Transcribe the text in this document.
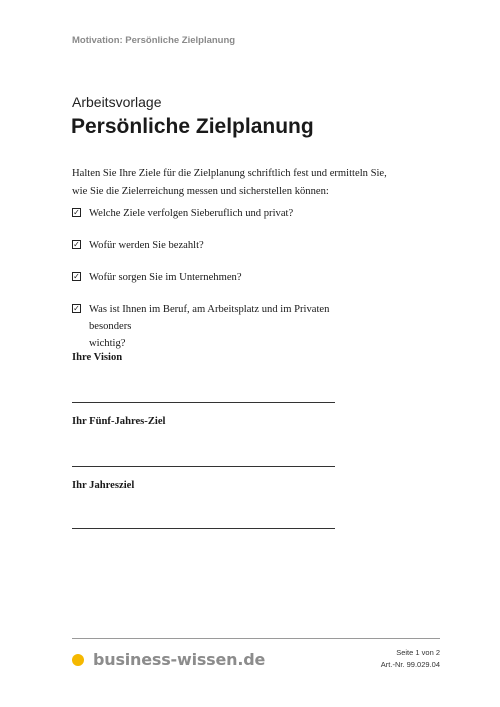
Motivation: Persönliche Zielplanung
Arbeitsvorlage
Persönliche Zielplanung
Halten Sie Ihre Ziele für die Zielplanung schriftlich fest und ermitteln Sie,
wie Sie die Zielerreichung messen und sicherstellen können:
✓ Welche Ziele verfolgen Sieberuflich und privat?
✓ Wofür werden Sie bezahlt?
✓ Wofür sorgen Sie im Unternehmen?
✓ Was ist Ihnen im Beruf, am Arbeitsplatz und im Privaten besonders
wichtig?
Ihre Vision
Ihr Fünf-Jahres-Ziel
Ihr Jahresziel
business-wissen.de	Seite 1 von 2
Art.-Nr. 99.029.04
